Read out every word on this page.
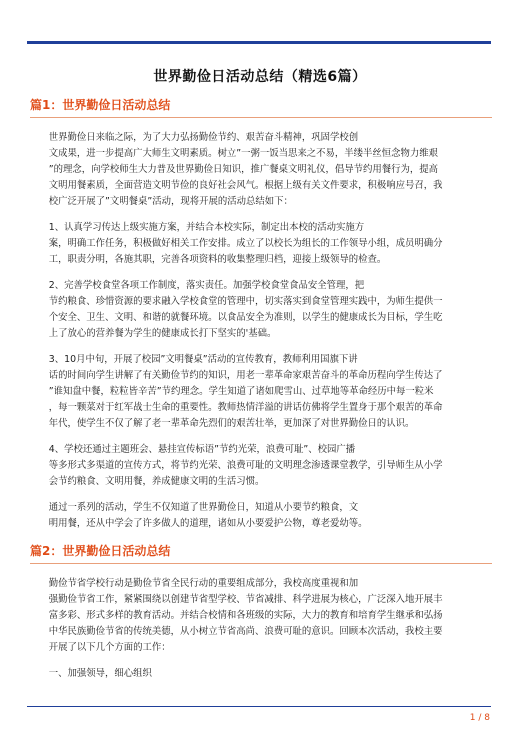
世界勤俭日活动总结（精选6篇）
篇1：世界勤俭日活动总结

世界勤俭日来临之际，为了大力弘扬勤俭节约、艰苦奋斗精神，巩固学校创
文成果，进一步提高广大师生文明素质。树立”一粥一饭当思来之不易，半缕半丝恒念物力维艰
”的理念，向学校师生大力普及世界勤俭日知识，推广餐桌文明礼仪，倡导节约用餐行为，提高
文明用餐素质，全面营造文明节俭的良好社会风气。根据上级有关文件要求，积极响应号召，我
校广泛开展了”文明餐桌”活动，现将开展的活动总结如下：

1、认真学习传达上级实施方案，并结合本校实际，制定出本校的活动实施方
案，明确工作任务，积极做好相关工作安排。成立了以校长为组长的工作领导小组，成员明确分
工，职责分明，各施其职，完善各项资料的收集整理归档，迎接上级领导的检查。

2、完善学校食堂各项工作制度，落实责任。加强学校食堂食品安全管理，把
节约粮食、珍惜资源的要求融入学校食堂的管理中，切实落实到食堂管理实践中，为师生提供一
个安全、卫生、文明、和谐的就餐环境。以食品安全为准则，以学生的健康成长为目标，学生吃
上了放心的营养餐为学生的健康成长打下坚实的'基础。

3、10月中旬，开展了校园”文明餐桌”活动的宣传教育，教师利用国旗下讲
话的时间向学生讲解了有关勤俭节约的知识，用老一辈革命家艰苦奋斗的革命历程向学生传达了
”谁知盘中餐，粒粒皆辛苦”节约理念。学生知道了诸如爬雪山、过草地等革命经历中每一粒米
，每一颗菜对于红军战士生命的重要性。教师热情洋溢的讲话仿佛将学生置身于那个艰苦的革命
年代，使学生不仅了解了老一辈革命先烈们的艰苦壮举，更加深了对世界勤俭日的认识。

4、学校还通过主题班会、悬挂宣传标语”节约光荣，浪费可耻”、校园广播
等多形式多渠道的宣传方式，将节约光荣、浪费可耻的文明理念渗透课堂教学，引导师生从小学
会节约粮食、文明用餐，养成健康文明的生活习惯。

通过一系列的活动，学生不仅知道了世界勤俭日，知道从小要节约粮食，文
明用餐，还从中学会了许多做人的道理，诸如从小要爱护公物，尊老爱幼等。

篇2：世界勤俭日活动总结

勤俭节省学校行动是勤俭节省全民行动的重要组成部分，我校高度重视和加
强勤俭节省工作，紧紧围绕以创建节省型学校、节省减排、科学进展为核心，广泛深入地开展丰
富多彩、形式多样的教育活动。并结合校情和各班级的实际，大力的教育和培育学生继承和弘扬
中华民族勤俭节省的传统美德，从小树立节省高尚、浪费可耻的意识。回顾本次活动，我校主要
开展了以下几个方面的工作：

一、加强领导，细心组织

1 / 8
